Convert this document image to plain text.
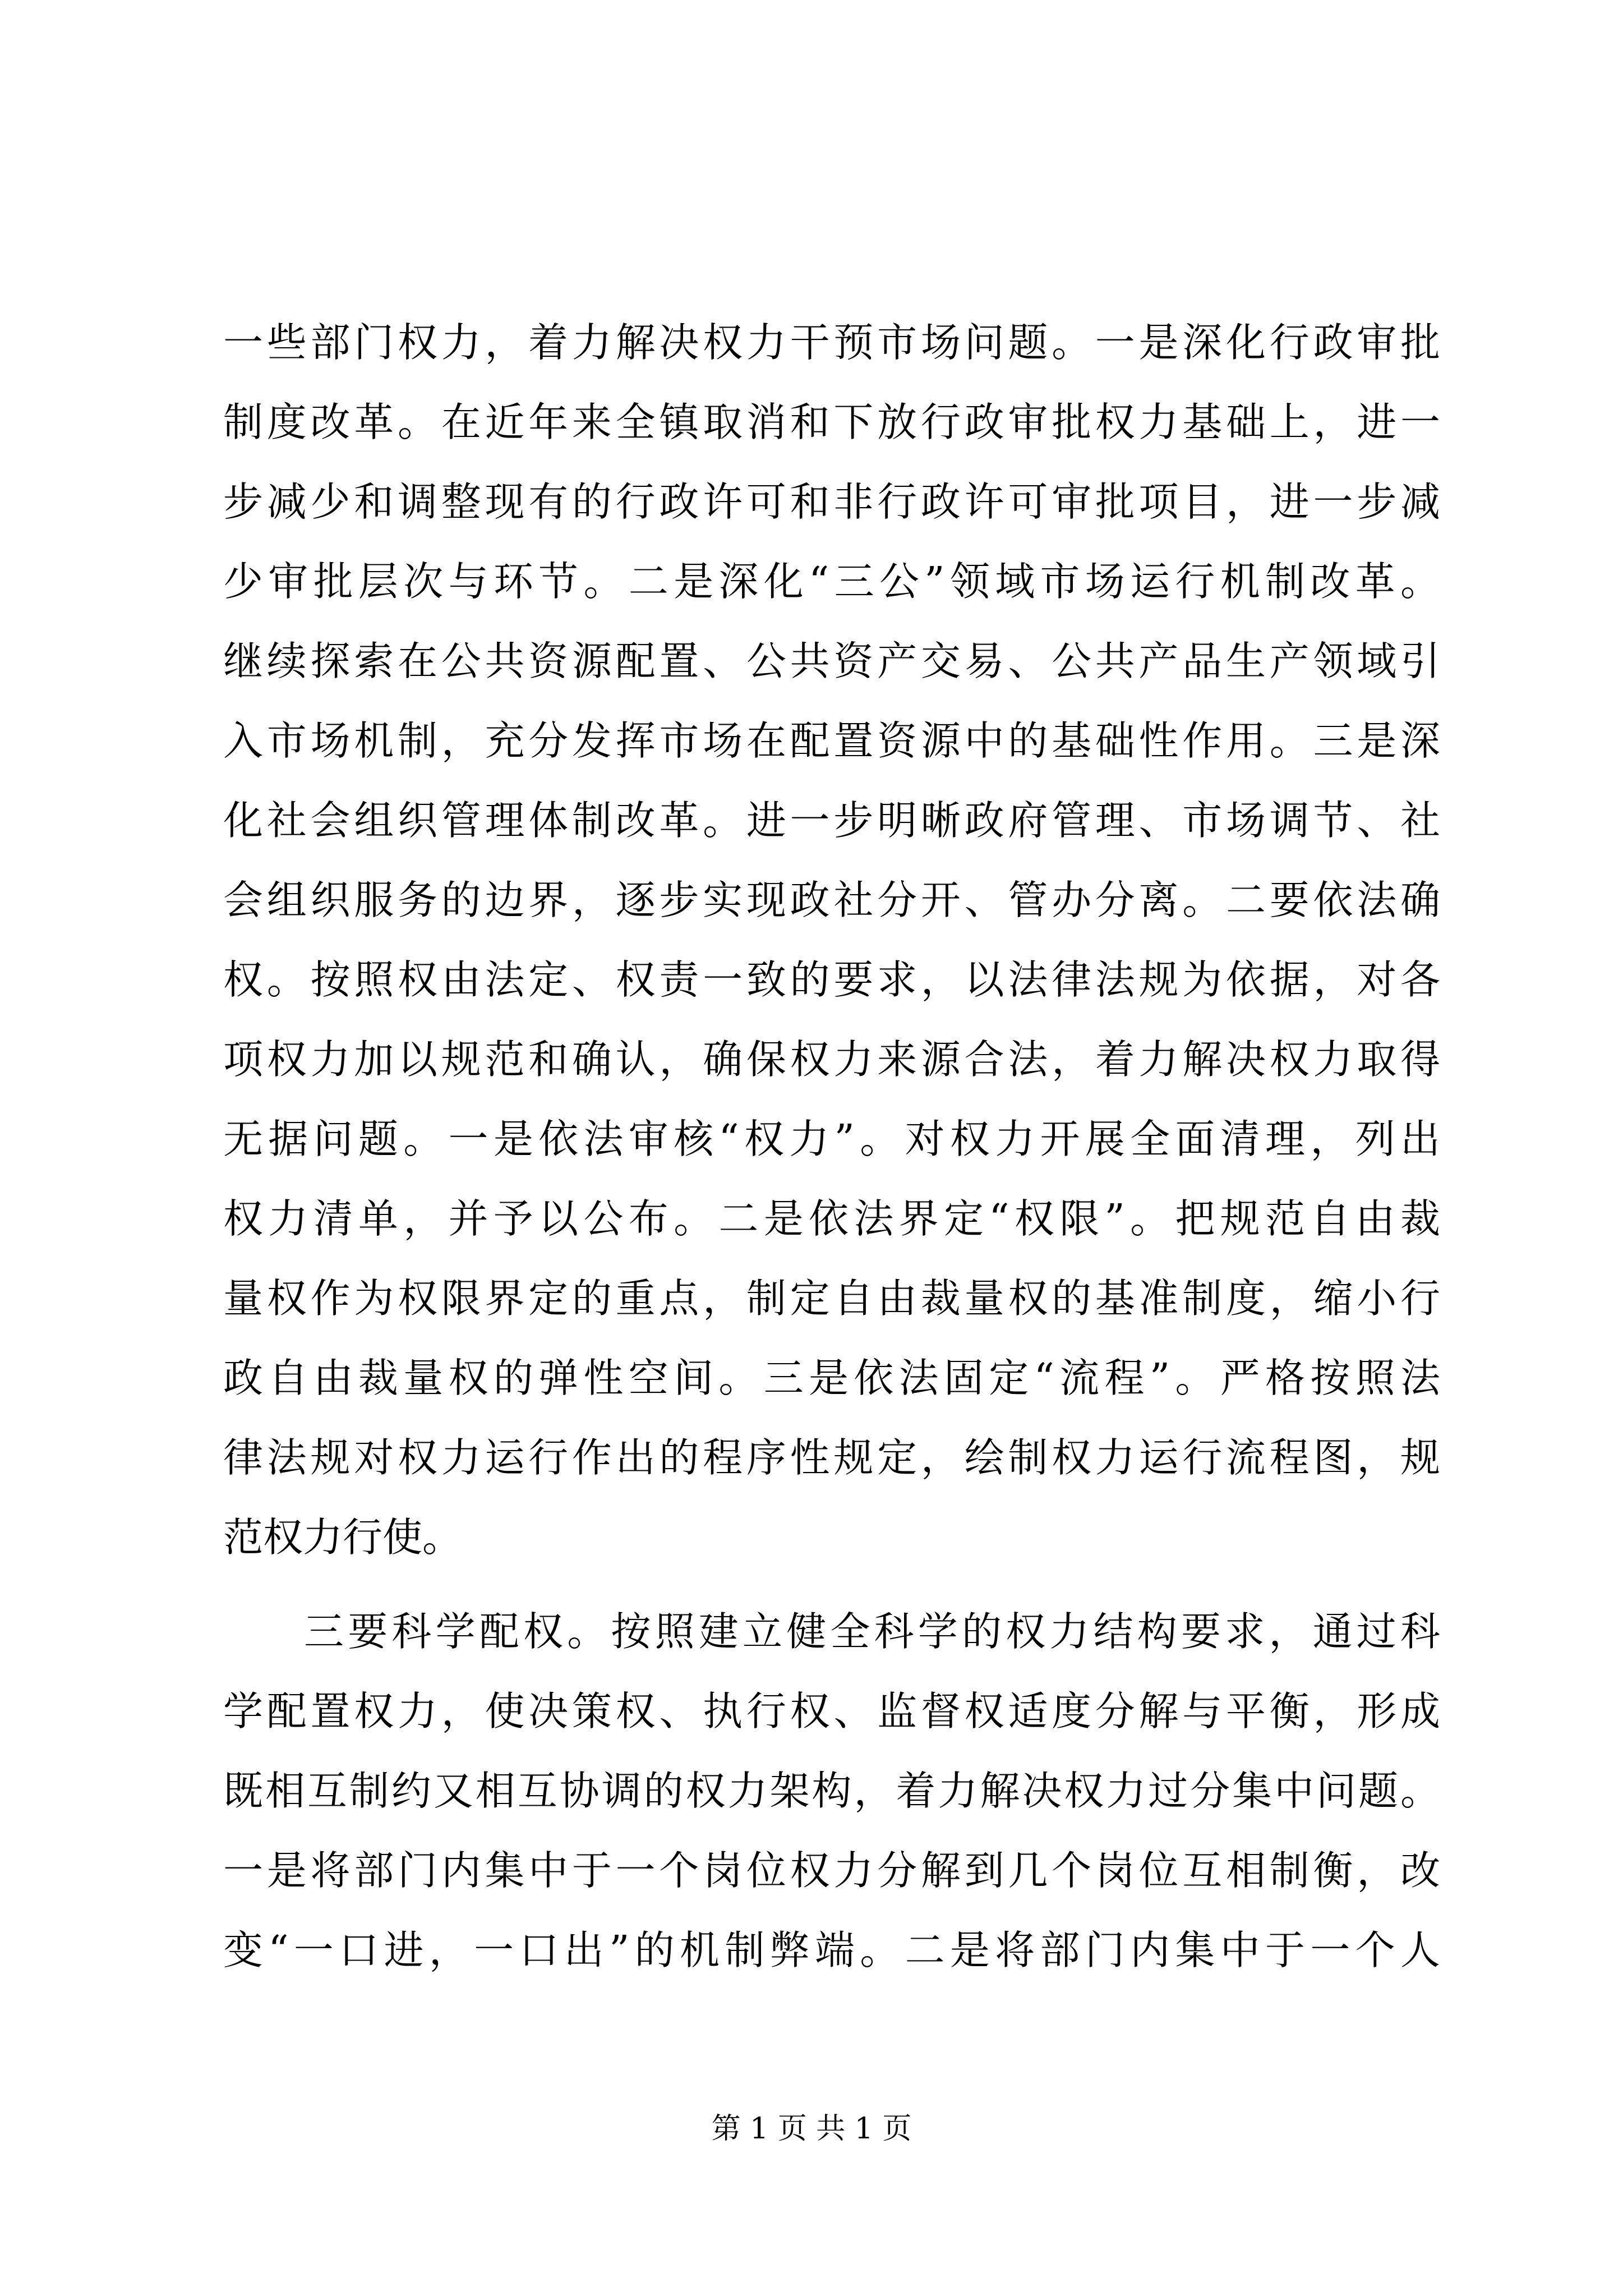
一些部门权力，着力解决权力干预市场问题。一是深化行政审批
制度改革。在近年来全镇取消和下放行政审批权力基础上，进一
步减少和调整现有的行政许可和非行政许可审批项目，进一步减
少审批层次与环节。二是深化“三公”领域市场运行机制改革。
继续探索在公共资源配置、公共资产交易、公共产品生产领域引
入市场机制，充分发挥市场在配置资源中的基础性作用。三是深
化社会组织管理体制改革。进一步明晰政府管理、市场调节、社
会组织服务的边界，逐步实现政社分开、管办分离。二要依法确
权。按照权由法定、权责一致的要求，以法律法规为依据，对各
项权力加以规范和确认，确保权力来源合法，着力解决权力取得
无据问题。一是依法审核“权力”。对权力开展全面清理，列出
权力清单，并予以公布。二是依法界定“权限”。把规范自由裁
量权作为权限界定的重点，制定自由裁量权的基准制度，缩小行
政自由裁量权的弹性空间。三是依法固定“流程”。严格按照法
律法规对权力运行作出的程序性规定，绘制权力运行流程图，规
范权力行使。
三要科学配权。按照建立健全科学的权力结构要求，通过科
学配置权力，使决策权、执行权、监督权适度分解与平衡，形成
既相互制约又相互协调的权力架构，着力解决权力过分集中问题。
一是将部门内集中于一个岗位权力分解到几个岗位互相制衡，改
变“一口进，一口出”的机制弊端。二是将部门内集中于一个人
第 1 页 共 1 页
